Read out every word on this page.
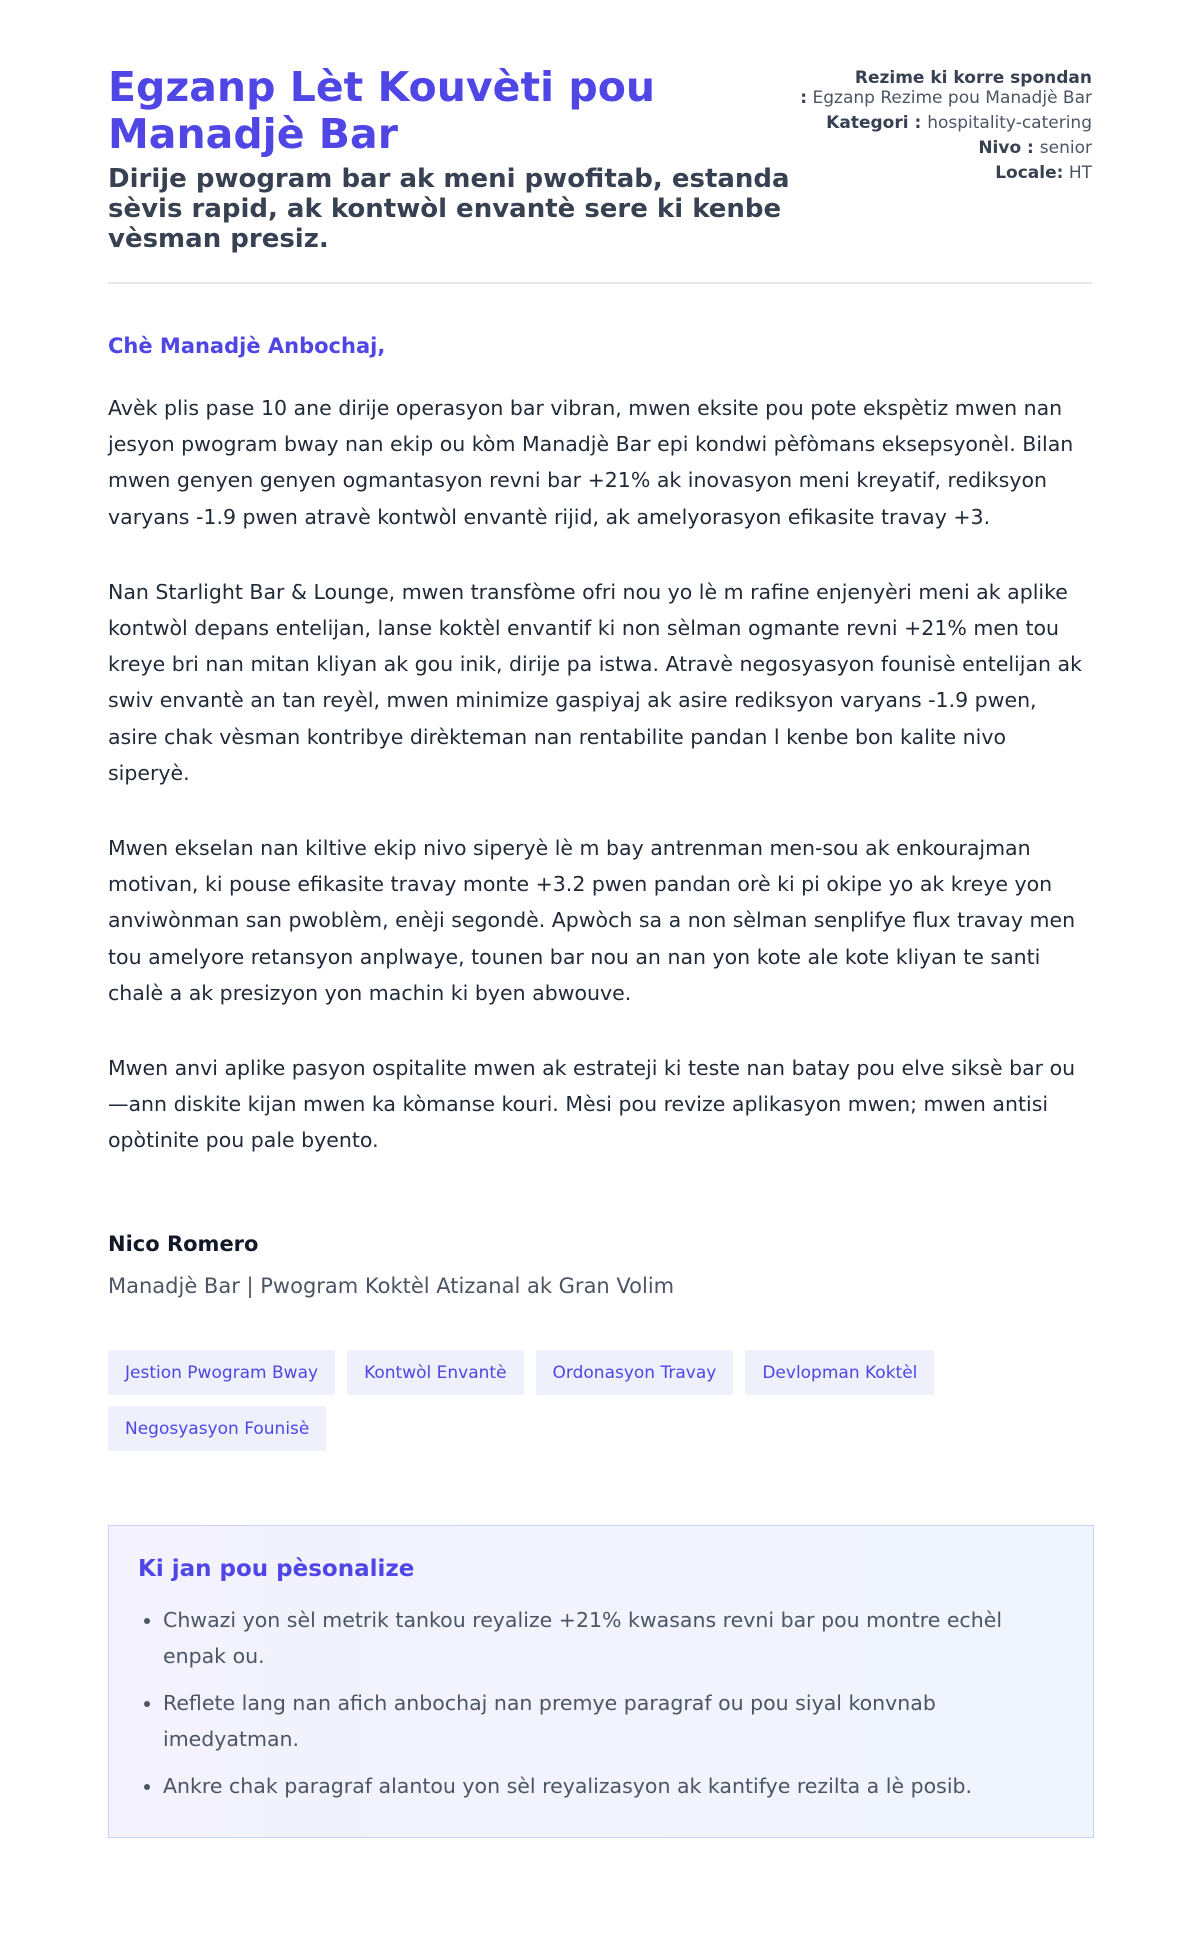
Egzanp Lèt Kouvèti pou Manadjè Bar

Dirije pwogram bar ak meni pwofitab, estanda sèvis rapid, ak kontwòl envantè sere ki kenbe vèsman presiz.

Rezime ki korre spondan
: Egzanp Rezime pou Manadjè Bar
Kategori : hospitality-catering
Nivo : senior
Locale: HT

Chè Manadjè Anbochaj,

Avèk plis pase 10 ane dirije operasyon bar vibran, mwen eksite pou pote ekspètiz mwen nan jesyon pwogram bway nan ekip ou kòm Manadjè Bar epi kondwi pèfòmans eksepsyonèl. Bilan mwen genyen genyen ogmantasyon revni bar +21% ak inovasyon meni kreyatif, rediksyon varyans -1.9 pwen atravè kontwòl envantè rijid, ak amelyorasyon efikasite travay +3.

Nan Starlight Bar & Lounge, mwen transfòme ofri nou yo lè m rafine enjenyèri meni ak aplike kontwòl depans entelijan, lanse koktèl envantif ki non sèlman ogmante revni +21% men tou kreye bri nan mitan kliyan ak gou inik, dirije pa istwa. Atravè negosyasyon founisè entelijan ak swiv envantè an tan reyèl, mwen minimize gaspiyaj ak asire rediksyon varyans -1.9 pwen, asire chak vèsman kontribye dirèkteman nan rentabilite pandan l kenbe bon kalite nivo siperyè.

Mwen ekselan nan kiltive ekip nivo siperyè lè m bay antrenman men-sou ak enkourajman motivan, ki pouse efikasite travay monte +3.2 pwen pandan orè ki pi okipe yo ak kreye yon anviwònman san pwoblèm, enèji segondè. Apwòch sa a non sèlman senplifye flux travay men tou amelyore retansyon anplwaye, tounen bar nou an nan yon kote ale kote kliyan te santi chalè a ak presizyon yon machin ki byen abwouve.

Mwen anvi aplike pasyon ospitalite mwen ak estrateji ki teste nan batay pou elve siksè bar ou—ann diskite kijan mwen ka kòmanse kouri. Mèsi pou revize aplikasyon mwen; mwen antisi opòtinite pou pale byento.

Nico Romero
Manadjè Bar | Pwogram Koktèl Atizanal ak Gran Volim
Jestion Pwogram Bway	Kontwòl Envantè	Ordonasyon Travay	Devlopman Koktèl
Negosyasyon Founisè
Ki jan pou pèsonalize
• Chwazi yon sèl metrik tankou reyalize +21% kwasans revni bar pou montre echèl enpak ou.
• Reflete lang nan afich anbochaj nan premye paragraf ou pou siyal konvnab imedyatman.
• Ankre chak paragraf alantou yon sèl reyalizasyon ak kantifye rezilta a lè posib.
